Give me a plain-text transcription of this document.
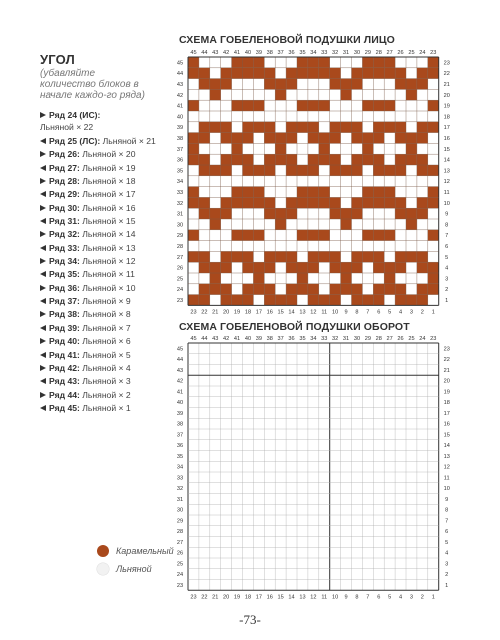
УГОЛ
(убавляйте количество блоков в начале каждо-го ряда)
Ряд 24 (ИС):
Льняной × 22
Ряд 25 (ЛС): Льняной × 21
Ряд 26: Льняной × 20
Ряд 27: Льняной × 19
Ряд 28: Льняной × 18
Ряд 29: Льняной × 17
Ряд 30: Льняной × 16
Ряд 31: Льняной × 15
Ряд 32: Льняной × 14
Ряд 33: Льняной × 13
Ряд 34: Льняной × 12
Ряд 35: Льняной × 11
Ряд 36: Льняной × 10
Ряд 37: Льняной × 9
Ряд 38: Льняной × 8
Ряд 39: Льняной × 7
Ряд 40: Льняной × 6
Ряд 41: Льняной × 5
Ряд 42: Льняной × 4
Ряд 43: Льняной × 3
Ряд 44: Льняной × 2
Ряд 45: Льняной × 1
СХЕМА ГОБЕЛЕНОВОЙ ПОДУШКИ ЛИЦО
45
23
44
22
43
21
42
20
41
19
40
18
39
17
38
16
37
15
36
14
35
13
34
12
33
11
32
10
31
9
30
8
29
7
28
6
27
5
26
4
25
3
24
2
23
1
45	23
44	22
43	21
42	20
41	19
40	18
39	17
38	16
37	15
36	14
35	13
34	12
33	11
32	10
31	9
30	8
29	7
28	6
27	5
26	4
25	3
24	2
23	1
СХЕМА ГОБЕЛЕНОВОЙ ПОДУШКИ ОБОРОТ
45
23
44
22
43
21
42
20
41
19
40
18
39
17
38
16
37
15
36
14
35
13
34
12
33
11
32
10
31
9
30
8
29
7
28
6
27
5
26
4
25
3
24
2
23
1
45	23
44	22
43	21
42	20
41	19
40	18
39	17
38	16
37	15
36	14
35	13
34	12
33	11
32	10
31	9
30	8
29	7
28	6
27	5
26	4
25	3
24	2
23	1
Карамельный
Льняной
-73-
